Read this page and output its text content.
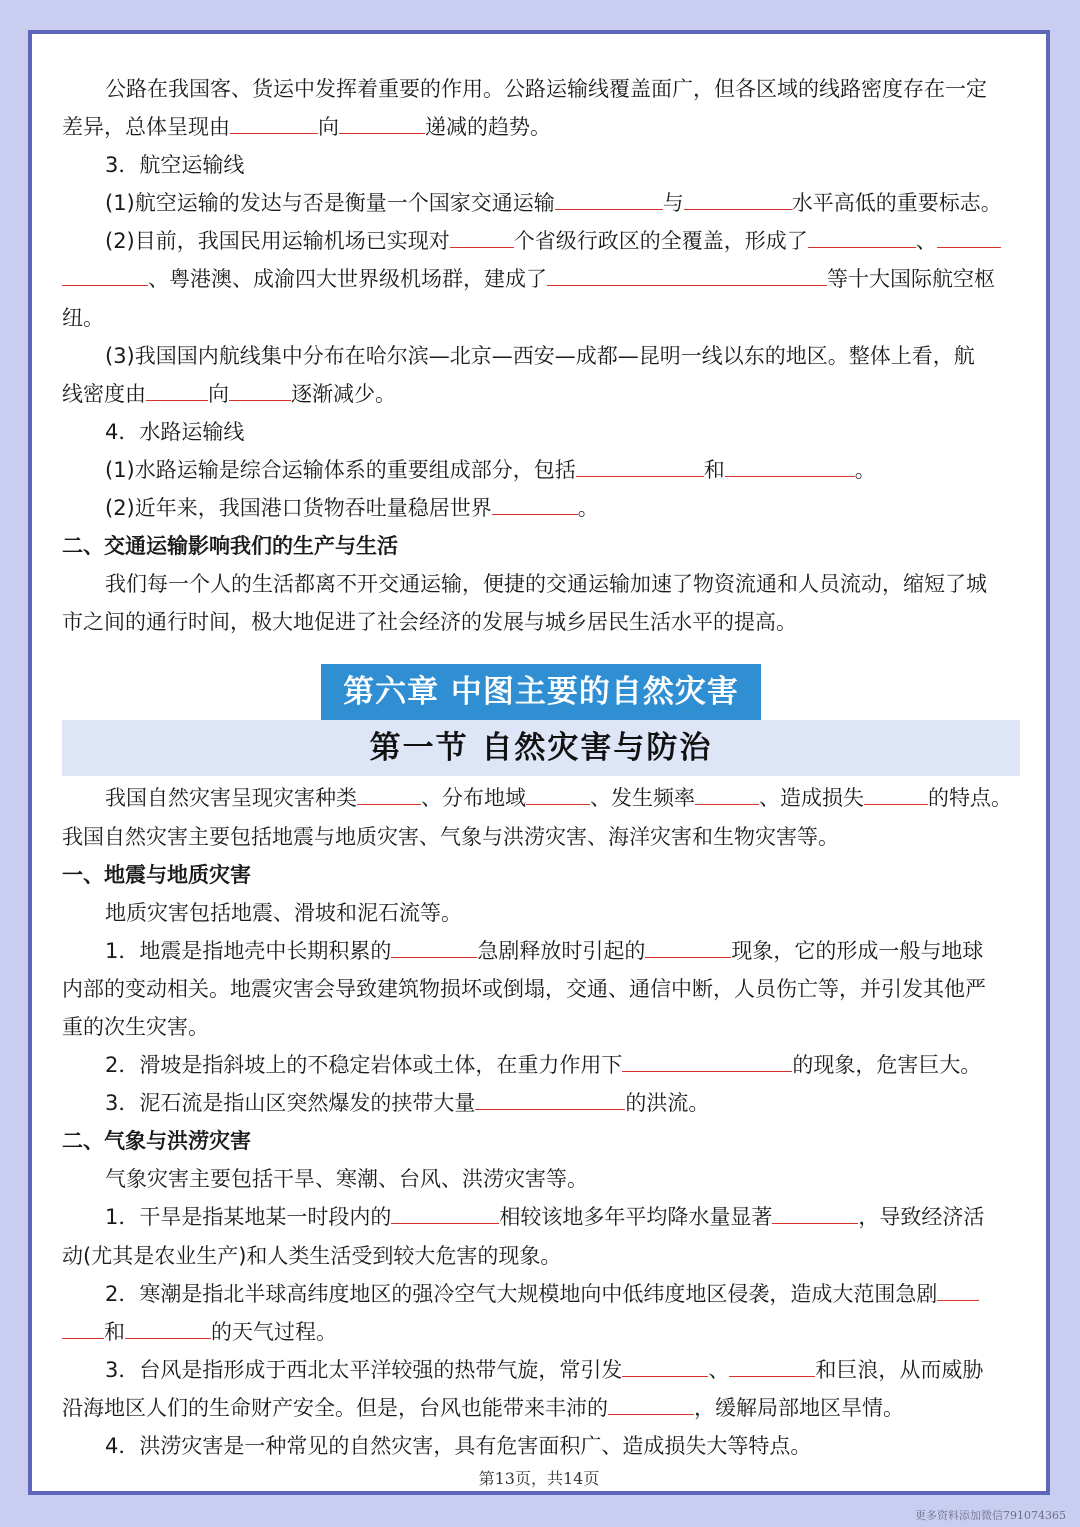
公路在我国客、货运中发挥着重要的作用。公路运输线覆盖面广，但各区域的线路密度存在一定
差异，总体呈现由	向	递减的趋势。

3．航空运输线

(1)航空运输的发达与否是衡量一个国家交通运输	与	水平高低的重要标志。

(2)目前，我国民用运输机场已实现对	个省级行政区的全覆盖，形成了	、
、粤港澳、成渝四大世界级机场群，建成了	等十大国际航空枢
纽。

(3)我国国内航线集中分布在哈尔滨—北京—西安—成都—昆明一线以东的地区。整体上看，航
线密度由	向	逐渐减少。

4．水路运输线

(1)水路运输是综合运输体系的重要组成部分，包括	和	。

(2)近年来，我国港口货物吞吐量稳居世界	。

二、交通运输影响我们的生产与生活

我们每一个人的生活都离不开交通运输，便捷的交通运输加速了物资流通和人员流动，缩短了城
市之间的通行时间，极大地促进了社会经济的发展与城乡居民生活水平的提高。

第六章 中图主要的自然灾害
第一节 自然灾害与防治

我国自然灾害呈现灾害种类	、分布地域	、发生频率	、造成损失	的特点。
我国自然灾害主要包括地震与地质灾害、气象与洪涝灾害、海洋灾害和生物灾害等。

一、地震与地质灾害

地质灾害包括地震、滑坡和泥石流等。

1．地震是指地壳中长期积累的	急剧释放时引起的	现象，它的形成一般与地球
内部的变动相关。地震灾害会导致建筑物损坏或倒塌，交通、通信中断，人员伤亡等，并引发其他严
重的次生灾害。

2．滑坡是指斜坡上的不稳定岩体或土体，在重力作用下	的现象，危害巨大。

3．泥石流是指山区突然爆发的挟带大量	的洪流。

二、气象与洪涝灾害

气象灾害主要包括干旱、寒潮、台风、洪涝灾害等。

1．干旱是指某地某一时段内的	相较该地多年平均降水量显著	，导致经济活
动(尤其是农业生产)和人类生活受到较大危害的现象。

2．寒潮是指北半球高纬度地区的强冷空气大规模地向中低纬度地区侵袭，造成大范围急剧
和	的天气过程。

3．台风是指形成于西北太平洋较强的热带气旋，常引发	、	和巨浪，从而威胁
沿海地区人们的生命财产安全。但是，台风也能带来丰沛的	，缓解局部地区旱情。

4．洪涝灾害是一种常见的自然灾害，具有危害面积广、造成损失大等特点。

第13页，共14页
更多资料添加微信791074365
